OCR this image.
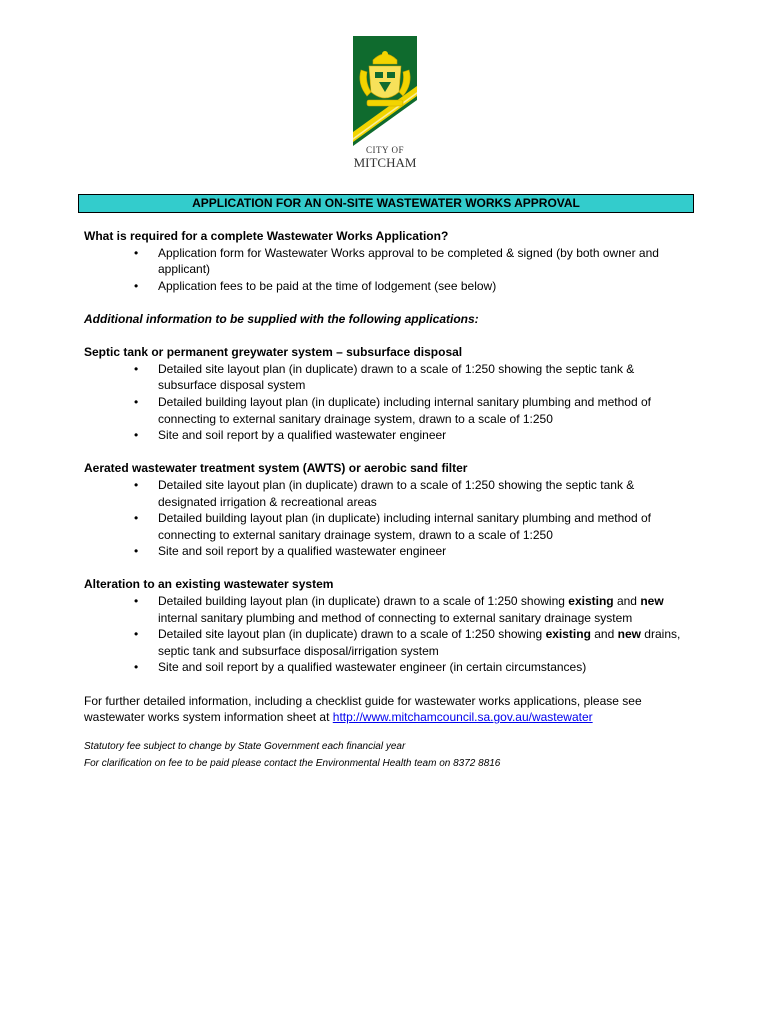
CITY OF
MITCHAM
APPLICATION FOR AN ON-SITE WASTEWATER WORKS APPROVAL

What is required for a complete Wastewater Works Application?

• Application form for Wastewater Works approval to be completed & signed (by both owner and applicant)
• Application fees to be paid at the time of lodgement (see below)

Additional information to be supplied with the following applications:

Septic tank or permanent greywater system – subsurface disposal

• Detailed site layout plan (in duplicate) drawn to a scale of 1:250 showing the septic tank & subsurface disposal system
• Detailed building layout plan (in duplicate) including internal sanitary plumbing and method of connecting to external sanitary drainage system, drawn to a scale of 1:250
• Site and soil report by a qualified wastewater engineer

Aerated wastewater treatment system (AWTS) or aerobic sand filter

• Detailed site layout plan (in duplicate) drawn to a scale of 1:250 showing the septic tank & designated irrigation & recreational areas
• Detailed building layout plan (in duplicate) including internal sanitary plumbing and method of connecting to external sanitary drainage system, drawn to a scale of 1:250
• Site and soil report by a qualified wastewater engineer

Alteration to an existing wastewater system

• Detailed building layout plan (in duplicate) drawn to a scale of 1:250 showing existing and new internal sanitary plumbing and method of connecting to external sanitary drainage system
• Detailed site layout plan (in duplicate) drawn to a scale of 1:250 showing existing and new drains, septic tank and subsurface disposal/irrigation system
• Site and soil report by a qualified wastewater engineer (in certain circumstances)

For further detailed information, including a checklist guide for wastewater works applications, please see wastewater works system information sheet at http://www.mitchamcouncil.sa.gov.au/wastewater

Statutory fee subject to change by State Government each financial year

For clarification on fee to be paid please contact the Environmental Health team on 8372 8816
